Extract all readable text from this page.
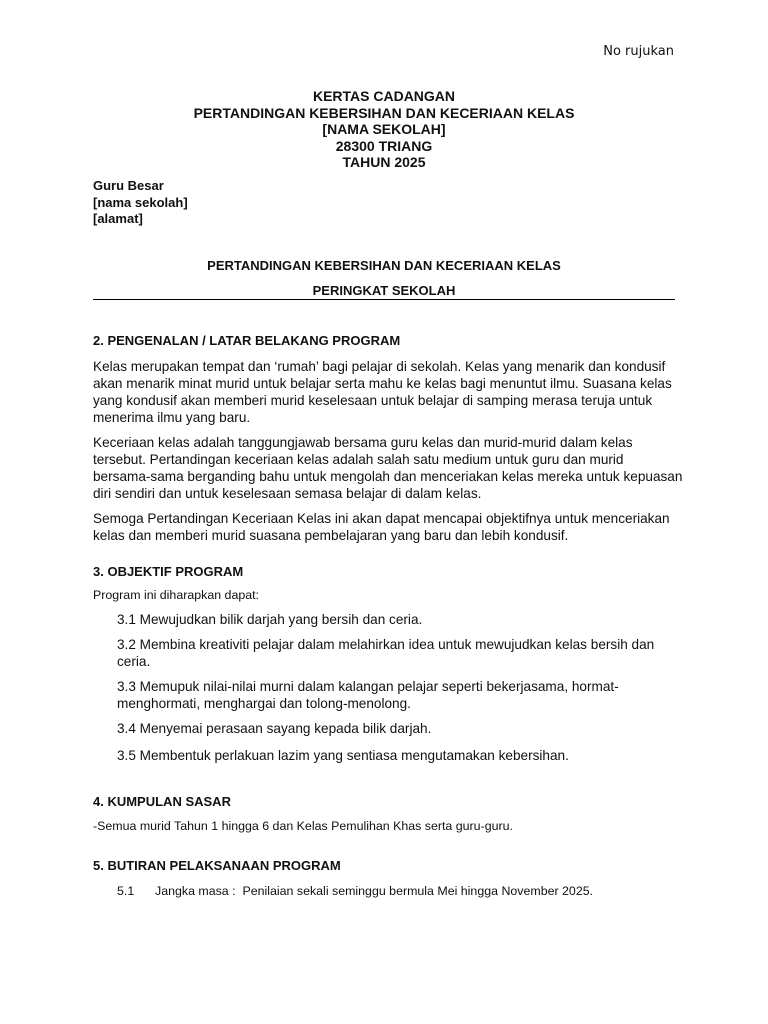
No rujukan
KERTAS CADANGAN
PERTANDINGAN KEBERSIHAN DAN KECERIAAN KELAS
[NAMA SEKOLAH]
28300 TRIANG
TAHUN 2025
Guru Besar
[nama sekolah]
[alamat]
PERTANDINGAN KEBERSIHAN DAN KECERIAAN KELAS
PERINGKAT SEKOLAH

2. PENGENALAN / LATAR BELAKANG PROGRAM

Kelas merupakan tempat dan ‘rumah’ bagi pelajar di sekolah. Kelas yang menarik dan kondusif akan menarik minat murid untuk belajar serta mahu ke kelas bagi menuntut ilmu. Suasana kelas yang kondusif akan memberi murid keselesaan untuk belajar di samping merasa teruja untuk menerima ilmu yang baru.

Keceriaan kelas adalah tanggungjawab bersama guru kelas dan murid-murid dalam kelas tersebut. Pertandingan keceriaan kelas adalah salah satu medium untuk guru dan murid bersama-sama berganding bahu untuk mengolah dan menceriakan kelas mereka untuk kepuasan diri sendiri dan untuk keselesaan semasa belajar di dalam kelas.

Semoga Pertandingan Keceriaan Kelas ini akan dapat mencapai objektifnya untuk menceriakan kelas dan memberi murid suasana pembelajaran yang baru dan lebih kondusif.

3. OBJEKTIF PROGRAM

Program ini diharapkan dapat:

3.1 Mewujudkan bilik darjah yang bersih dan ceria.

3.2 Membina kreativiti pelajar dalam melahirkan idea untuk mewujudkan kelas bersih dan ceria.

3.3 Memupuk nilai-nilai murni dalam kalangan pelajar seperti bekerjasama, hormat-menghormati, menghargai dan tolong-menolong.

3.4 Menyemai perasaan sayang kepada bilik darjah.

3.5 Membentuk perlakuan lazim yang sentiasa mengutamakan kebersihan.

4. KUMPULAN SASAR

-Semua murid Tahun 1 hingga 6 dan Kelas Pemulihan Khas serta guru-guru.

5. BUTIRAN PELAKSANAAN PROGRAM

5.1 Jangka masa :  Penilaian sekali seminggu bermula Mei hingga November 2025.
